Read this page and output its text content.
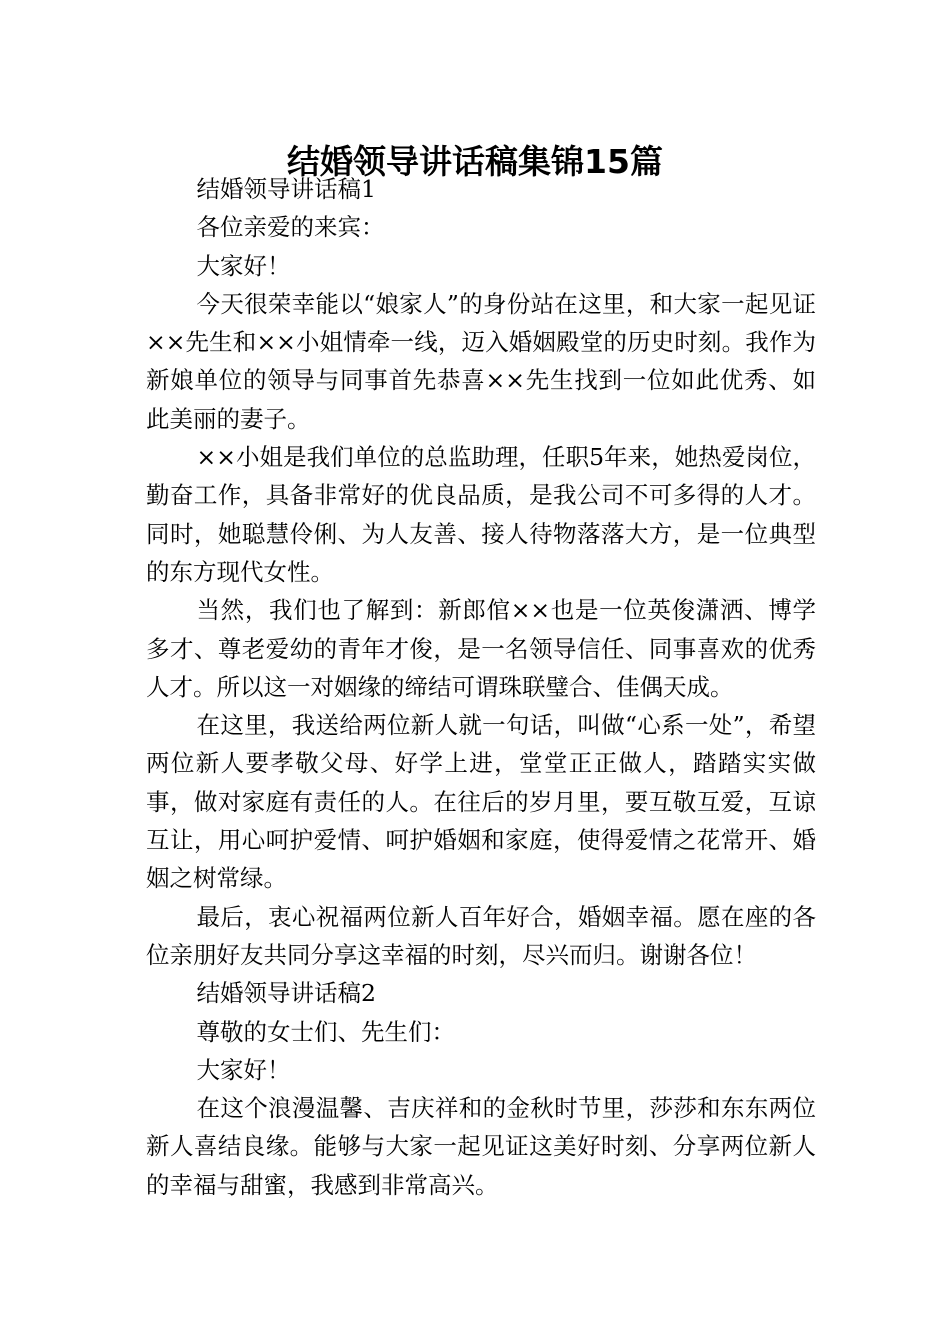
结婚领导讲话稿集锦15篇

结婚领导讲话稿1

各位亲爱的来宾：

大家好！

今天很荣幸能以“娘家人”的身份站在这里，和大家一起见证××先生和××小姐情牵一线，迈入婚姻殿堂的历史时刻。我作为新娘单位的领导与同事首先恭喜××先生找到一位如此优秀、如此美丽的妻子。

××小姐是我们单位的总监助理，任职5年来，她热爱岗位，勤奋工作，具备非常好的优良品质，是我公司不可多得的人才。同时，她聪慧伶俐、为人友善、接人待物落落大方，是一位典型的东方现代女性。

当然，我们也了解到：新郎倌××也是一位英俊潇洒、博学多才、尊老爱幼的青年才俊，是一名领导信任、同事喜欢的优秀人才。所以这一对姻缘的缔结可谓珠联璧合、佳偶天成。

在这里，我送给两位新人就一句话，叫做“心系一处”，希望两位新人要孝敬父母、好学上进，堂堂正正做人，踏踏实实做事，做对家庭有责任的人。在往后的岁月里，要互敬互爱，互谅互让，用心呵护爱情、呵护婚姻和家庭，使得爱情之花常开、婚姻之树常绿。

最后，衷心祝福两位新人百年好合，婚姻幸福。愿在座的各位亲朋好友共同分享这幸福的时刻，尽兴而归。谢谢各位！

结婚领导讲话稿2

尊敬的女士们、先生们：

大家好！

在这个浪漫温馨、吉庆祥和的金秋时节里，莎莎和东东两位新人喜结良缘。能够与大家一起见证这美好时刻、分享两位新人的幸福与甜蜜，我感到非常高兴。
